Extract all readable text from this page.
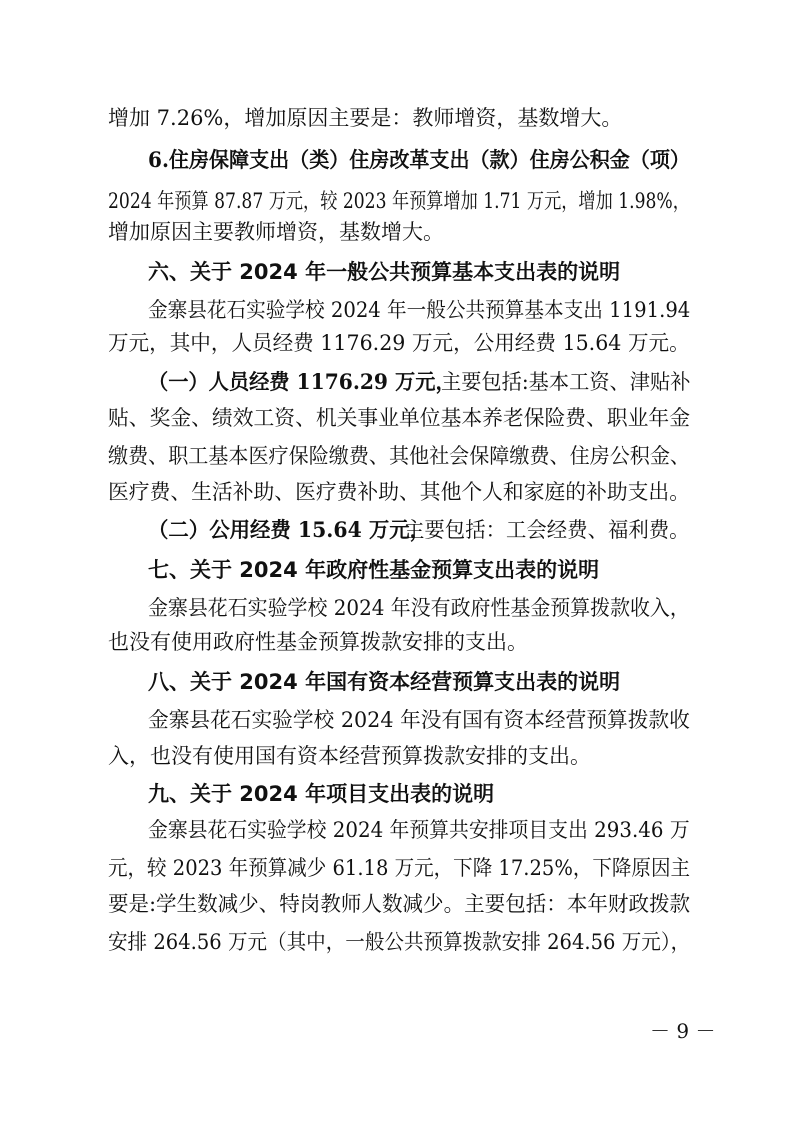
增加 7.26%，增加原因主要是：教师增资，基数增大。
6.住房保障支出（类）住房改革支出（款）住房公积金（项）
2024 年预算 87.87 万元，较 2023 年预算增加 1.71 万元，增加 1.98%，
增加原因主要教师增资，基数增大。
六、关于 2024 年一般公共预算基本支出表的说明
金寨县花石实验学校 2024 年一般公共预算基本支出 1191.94
万元，其中，人员经费 1176.29 万元，公用经费 15.64 万元。
（一）人员经费 1176.29 万元，
主要包括:基本工资、津贴补
贴、奖金、绩效工资、机关事业单位基本养老保险费、职业年金
缴费、职工基本医疗保险缴费、其他社会保障缴费、住房公积金、
医疗费、生活补助、医疗费补助、其他个人和家庭的补助支出。
（二）公用经费 15.64 万元，
主要包括：工会经费、福利费。
七、关于 2024 年政府性基金预算支出表的说明
金寨县花石实验学校 2024 年没有政府性基金预算拨款收入，
也没有使用政府性基金预算拨款安排的支出。
八、关于 2024 年国有资本经营预算支出表的说明
金寨县花石实验学校 2024 年没有国有资本经营预算拨款收
入，也没有使用国有资本经营预算拨款安排的支出。
九、关于 2024 年项目支出表的说明
金寨县花石实验学校 2024 年预算共安排项目支出 293.46 万
元，较 2023 年预算减少 61.18 万元，下降 17.25%，下降原因主
要是:学生数减少、特岗教师人数减少。主要包括：本年财政拨款
安排 264.56 万元（其中，一般公共预算拨款安排 264.56 万元），
－ 9 －
